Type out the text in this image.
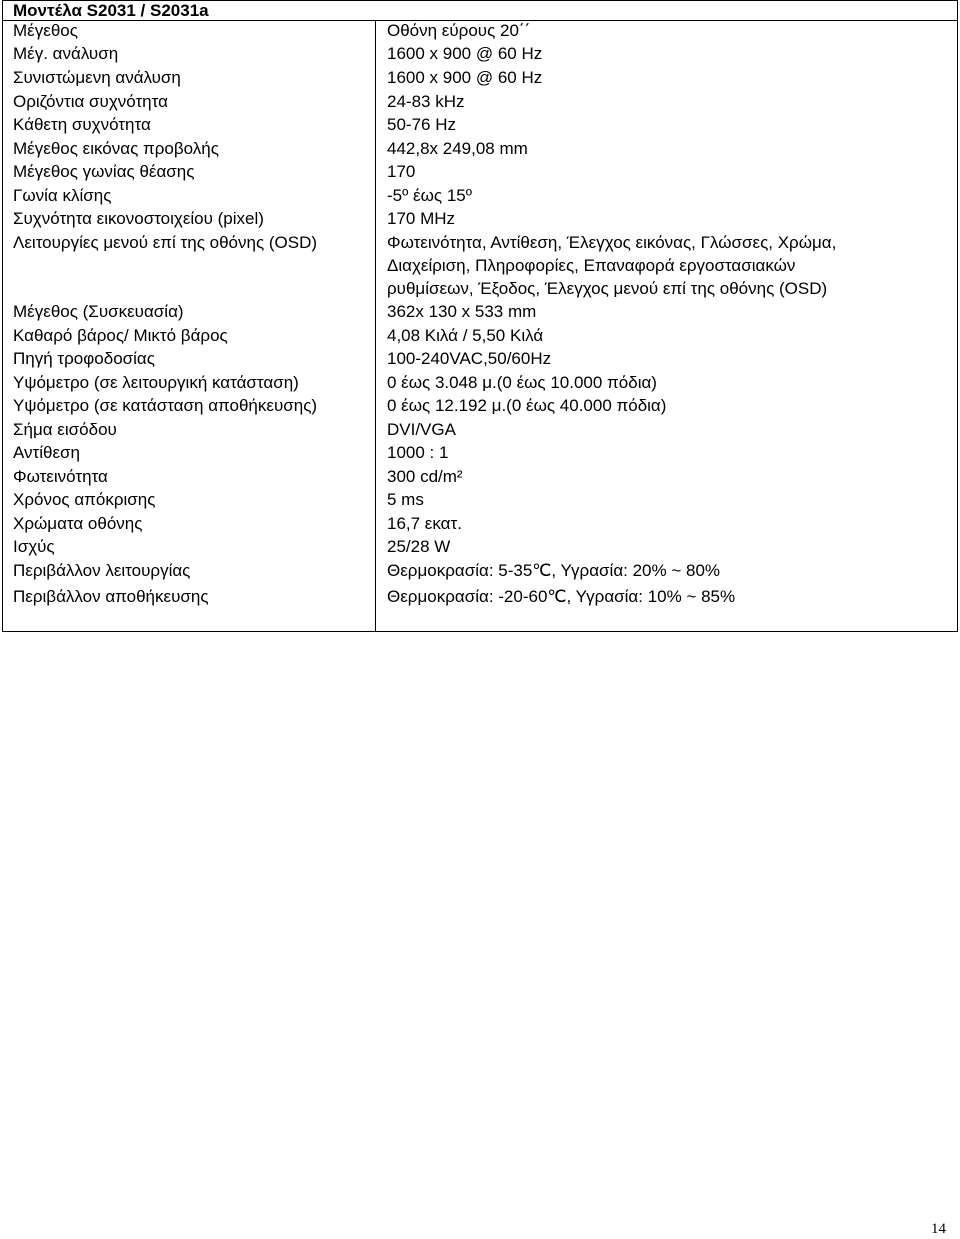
Μοντέλα S2031 / S2031a
Μέγεθος	Οθόνη εύρους 20΄΄
Μέγ. ανάλυση	1600 x 900 @ 60 Hz
Συνιστώμενη ανάλυση	1600 x 900 @ 60 Hz
Οριζόντια συχνότητα	24-83 kHz
Κάθετη συχνότητα	50-76 Hz
Μέγεθος εικόνας προβολής	442,8x 249,08 mm
Μέγεθος γωνίας θέασης	170
Γωνία κλίσης	-5º έως 15º
Συχνότητα εικονοστοιχείου (pixel)	170 MHz
Λειτουργίες μενού επί της οθόνης (OSD)	Φωτεινότητα, Αντίθεση, Έλεγχος εικόνας, Γλώσσες, Χρώμα,
Διαχείριση, Πληροφορίες, Επαναφορά εργοστασιακών
ρυθμίσεων, Έξοδος, Έλεγχος μενού επί της οθόνης (OSD)
Μέγεθος (Συσκευασία)	362x 130 x 533 mm
Καθαρό βάρος/ Μικτό βάρος	4,08 Κιλά / 5,50 Κιλά
Πηγή τροφοδοσίας	100-240VAC,50/60Hz
Υψόμετρο (σε λειτουργική κατάσταση)	0 έως 3.048 μ.(0 έως 10.000 πόδια)
Υψόμετρο (σε κατάσταση αποθήκευσης)	0 έως 12.192 μ.(0 έως 40.000 πόδια)
Σήμα εισόδου	DVI/VGA
Αντίθεση	1000 : 1
Φωτεινότητα	300 cd/m²
Χρόνος απόκρισης	5 ms
Χρώματα οθόνης	16,7 εκατ.
Ισχύς	25/28 W
Περιβάλλον λειτουργίας	Θερμοκρασία: 5-35℃, Υγρασία: 20% ~ 80%
Περιβάλλον αποθήκευσης	Θερμοκρασία: -20-60℃, Υγρασία: 10% ~ 85%
14
